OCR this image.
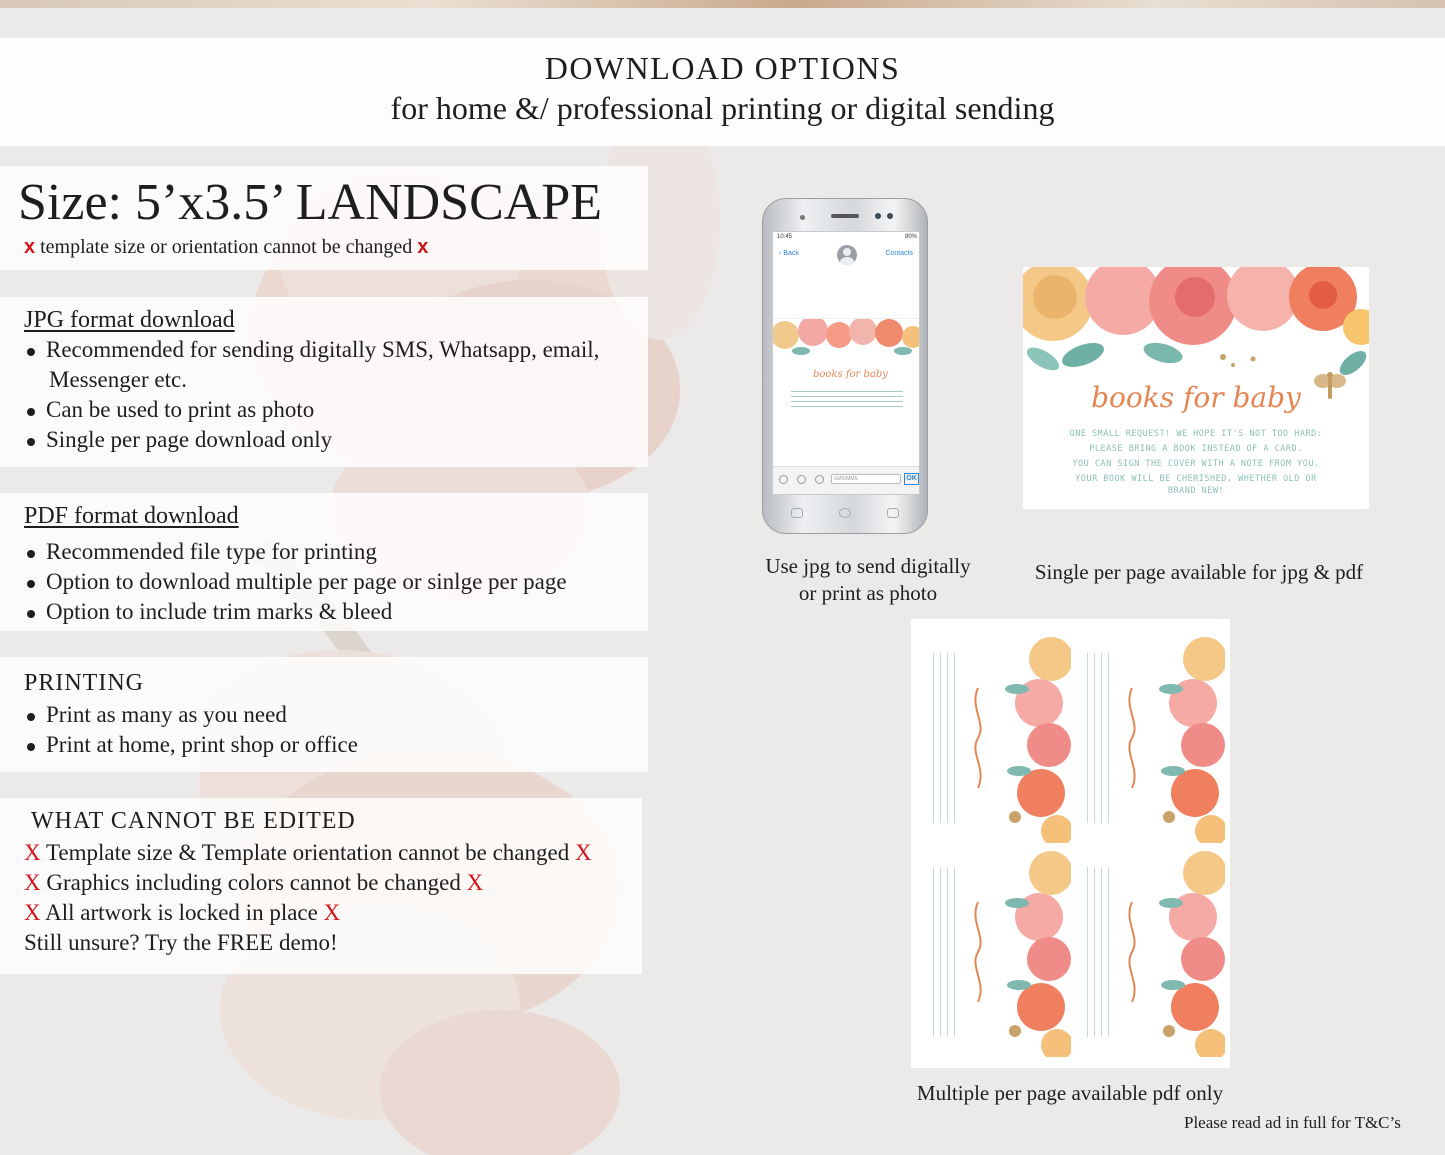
DOWNLOAD OPTIONS
for home &/ professional printing or digital sending
Size: 5’x3.5’ LANDSCAPE
x template size or orientation cannot be changed x
JPG format download
Recommended for sending digitally SMS, Whatsapp, email,
Messenger etc.
Can be used to print as photo
Single per page download only
PDF format download
Recommended file type for printing
Option to download multiple per page or sinlge per page
Option to include trim marks & bleed
PRINTING
Print as many as you need
Print at home, print shop or office
WHAT CANNOT BE EDITED
X Template size & Template orientation cannot be changed X
X Graphics including colors cannot be changed X
X All artwork is locked in place X
Still unsure? Try the FREE demo!
10:45	80%
‹ Back	Contacts
books for baby
SMS/MMS	OK
Use jpg to send digitally
or print as photo
books for baby
ONE SMALL REQUEST! WE HOPE IT'S NOT TOO HARD:
PLEASE BRING A BOOK INSTEAD OF A CARD.
YOU CAN SIGN THE COVER WITH A NOTE FROM YOU.
YOUR BOOK WILL BE CHERISHED, WHETHER OLD OR
BRAND NEW!
Single per page available for jpg & pdf
Multiple per page available pdf only
Please read ad in full for T&C’s
